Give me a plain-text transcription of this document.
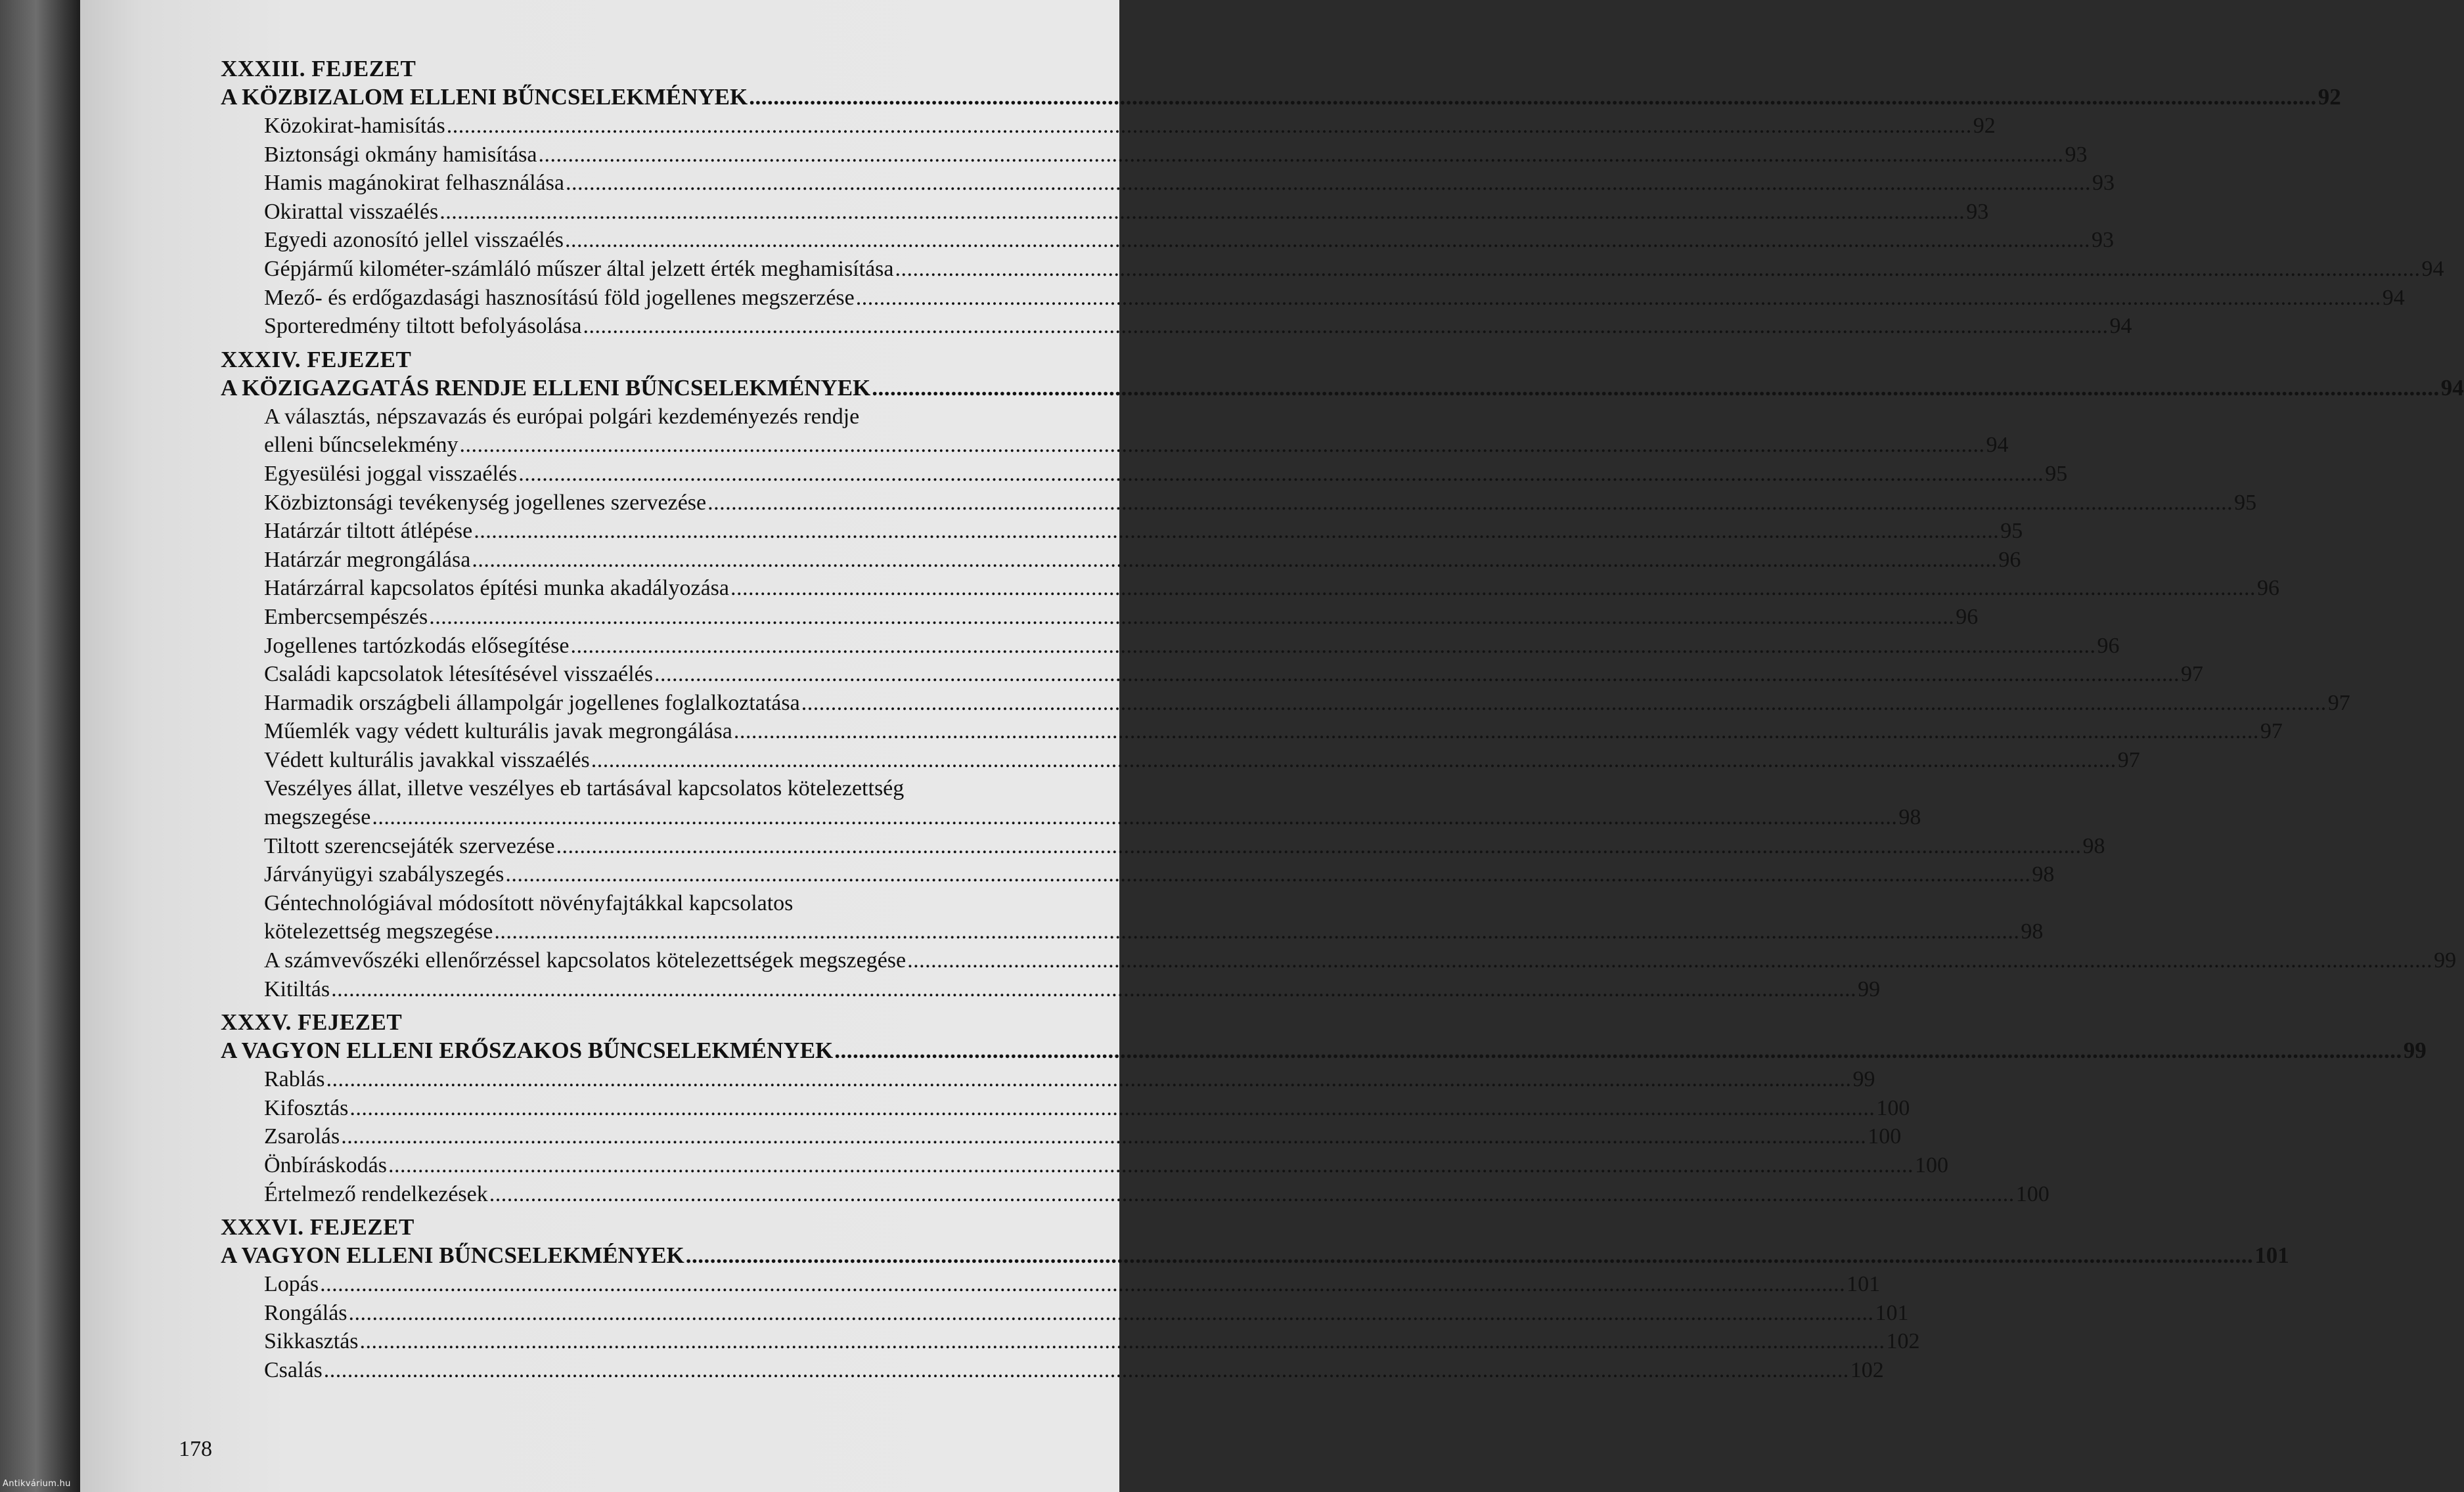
XXXIII. FEJEZET
A KÖZBIZALOM ELLENI BŰNCSELEKMÉNYEK .....	92
Közokirat-hamisítás .....	92
Biztonsági okmány hamisítása .....	93
Hamis magánokirat felhasználása .....	93
Okirattal visszaélés .....	93
Egyedi azonosító jellel visszaélés .....	93
Gépjármű kilométer-számláló műszer által jelzett érték meghamisítása .....	94
Mező- és erdőgazdasági hasznosítású föld jogellenes megszerzése .....	94
Sporteredmény tiltott befolyásolása .....	94
XXXIV. FEJEZET
A KÖZIGAZGATÁS RENDJE ELLENI BŰNCSELEKMÉNYEK .....	94
A választás, népszavazás és európai polgári kezdeményezés rendje
elleni bűncselekmény .....	94
Egyesülési joggal visszaélés .....	95
Közbiztonsági tevékenység jogellenes szervezése .....	95
Határzár tiltott átlépése .....	95
Határzár megrongálása .....	96
Határzárral kapcsolatos építési munka akadályozása .....	96
Embercsempészés .....	96
Jogellenes tartózkodás elősegítése .....	96
Családi kapcsolatok létesítésével visszaélés .....	97
Harmadik országbeli állampolgár jogellenes foglalkoztatása .....	97
Műemlék vagy védett kulturális javak megrongálása .....	97
Védett kulturális javakkal visszaélés .....	97
Veszélyes állat, illetve veszélyes eb tartásával kapcsolatos kötelezettség
megszegése .....	98
Tiltott szerencsejáték szervezése .....	98
Járványügyi szabályszegés .....	98
Géntechnológiával módosított növényfajtákkal kapcsolatos
kötelezettség megszegése .....	98
A számvevőszéki ellenőrzéssel kapcsolatos kötelezettségek megszegése .....	99
Kitiltás .....	99
XXXV. FEJEZET
A VAGYON ELLENI ERŐSZAKOS BŰNCSELEKMÉNYEK .....	99
Rablás .....	99
Kifosztás .....	100
Zsarolás .....	100
Önbíráskodás .....	100
Értelmező rendelkezések .....	100
XXXVI. FEJEZET
A VAGYON ELLENI BŰNCSELEKMÉNYEK .....	101
Lopás .....	101
Rongálás .....	101
Sikkasztás .....	102
Csalás .....	102
178
Antikvárium.hu
